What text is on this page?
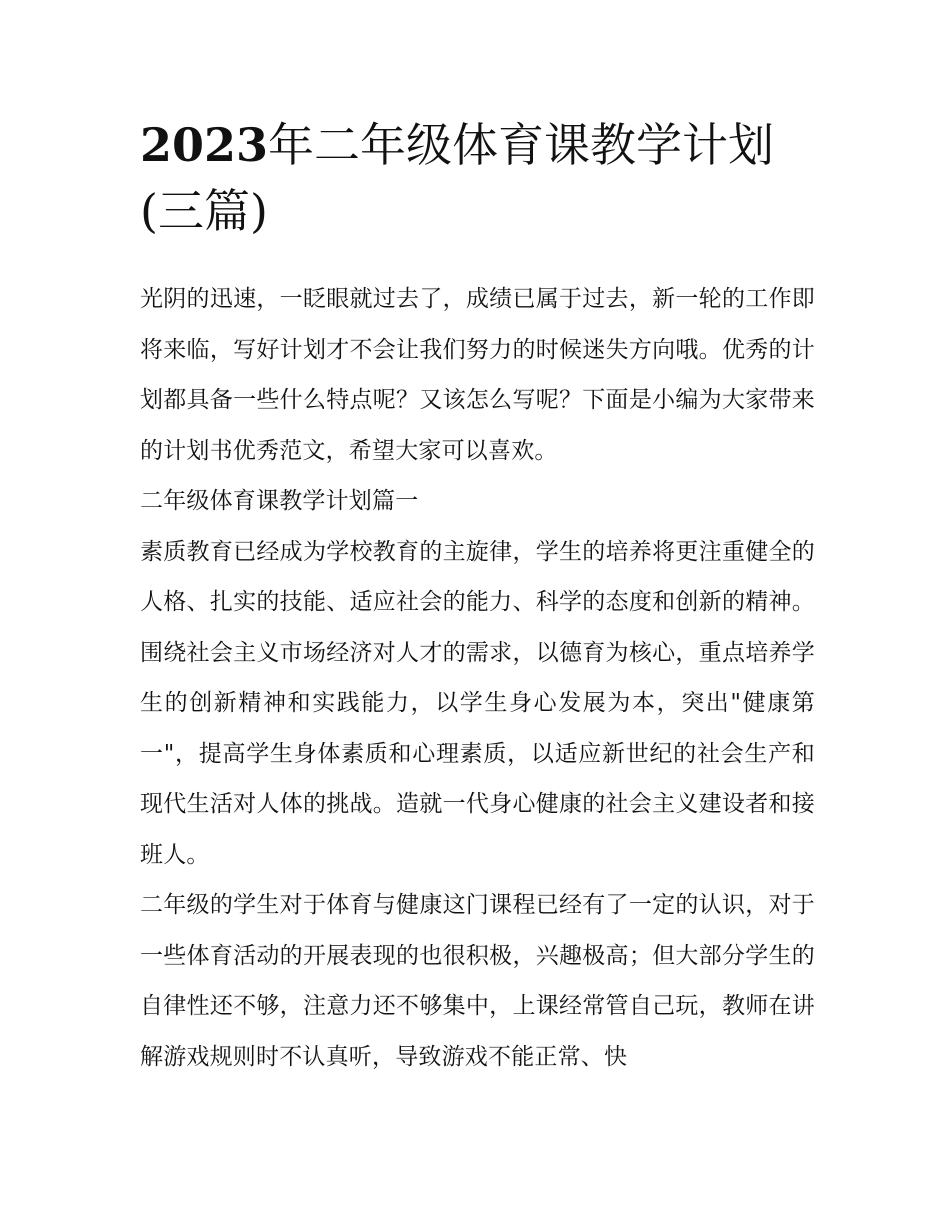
2023年二年级体育课教学计划(三篇)

光阴的迅速，一眨眼就过去了，成绩已属于过去，新一轮的工作即将来临，写好计划才不会让我们努力的时候迷失方向哦。优秀的计划都具备一些什么特点呢？又该怎么写呢？下面是小编为大家带来的计划书优秀范文，希望大家可以喜欢。

二年级体育课教学计划篇一

素质教育已经成为学校教育的主旋律，学生的培养将更注重健全的人格、扎实的技能、适应社会的能力、科学的态度和创新的精神。围绕社会主义市场经济对人才的需求，以德育为核心，重点培养学生的创新精神和实践能力，以学生身心发展为本，突出"健康第一"，提高学生身体素质和心理素质，以适应新世纪的社会生产和现代生活对人体的挑战。造就一代身心健康的社会主义建设者和接班人。

二年级的学生对于体育与健康这门课程已经有了一定的认识，对于一些体育活动的开展表现的也很积极，兴趣极高；但大部分学生的自律性还不够，注意力还不够集中，上课经常管自己玩，教师在讲解游戏规则时不认真听，导致游戏不能正常、快
